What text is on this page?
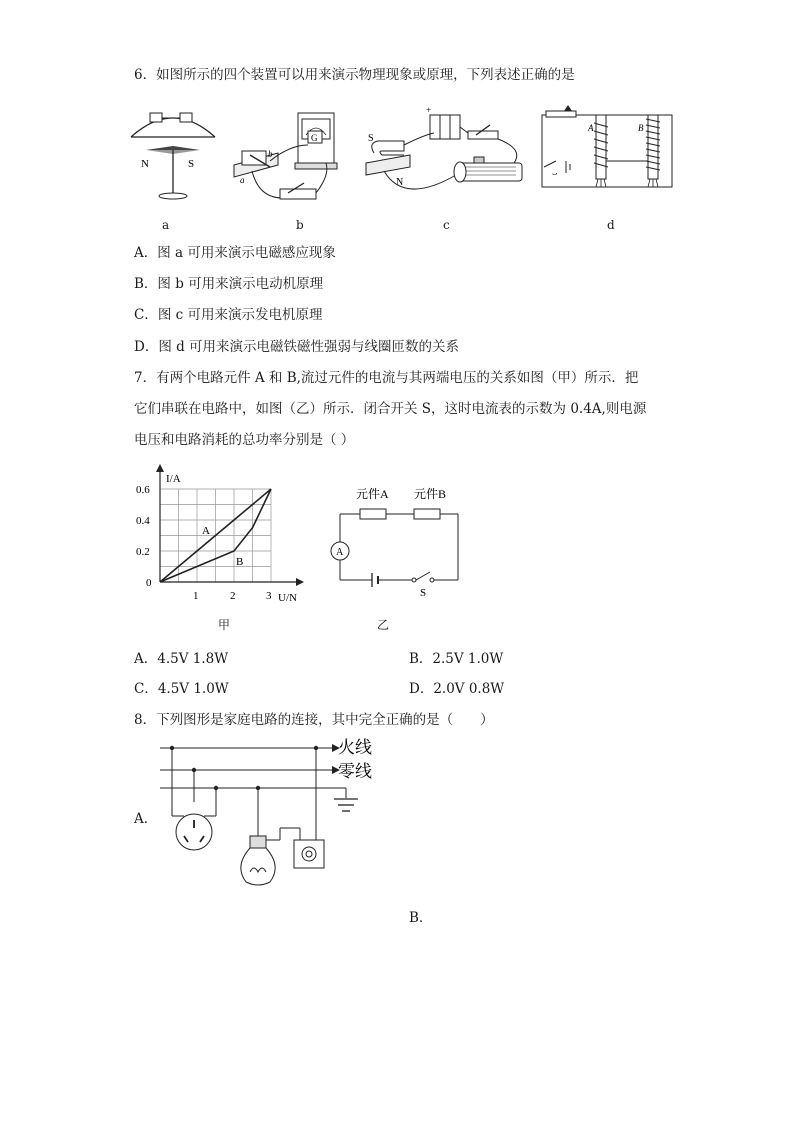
6．如图所示的四个装置可以用来演示物理现象或原理，下列表述正确的是
N	S
G
a
b
+
S
N
A	B
a	b	c	d
A．图 a 可用来演示电磁感应现象
B．图 b 可用来演示电动机原理
C．图 c 可用来演示发电机原理
D．图 d 可用来演示电磁铁磁性强弱与线圈匝数的关系
7．有两个电路元件 A 和 B,流过元件的电流与其两端电压的关系如图（甲）所示．把
它们串联在电路中，如图（乙）所示．闭合开关 S，这时电流表的示数为 0.4A,则电源
电压和电路消耗的总功率分别是（ ）
I/A
U/N
0
0.2
0.4
0.6
1	2	3
A
B
甲
元件A 元件B
A
S
乙
A．4.5V 1.8W	B．2.5V 1.0W
C．4.5V 1.0W	D．2.0V 0.8W
8．下列图形是家庭电路的连接，其中完全正确的是（　　）
火线
零线
A．
B．
